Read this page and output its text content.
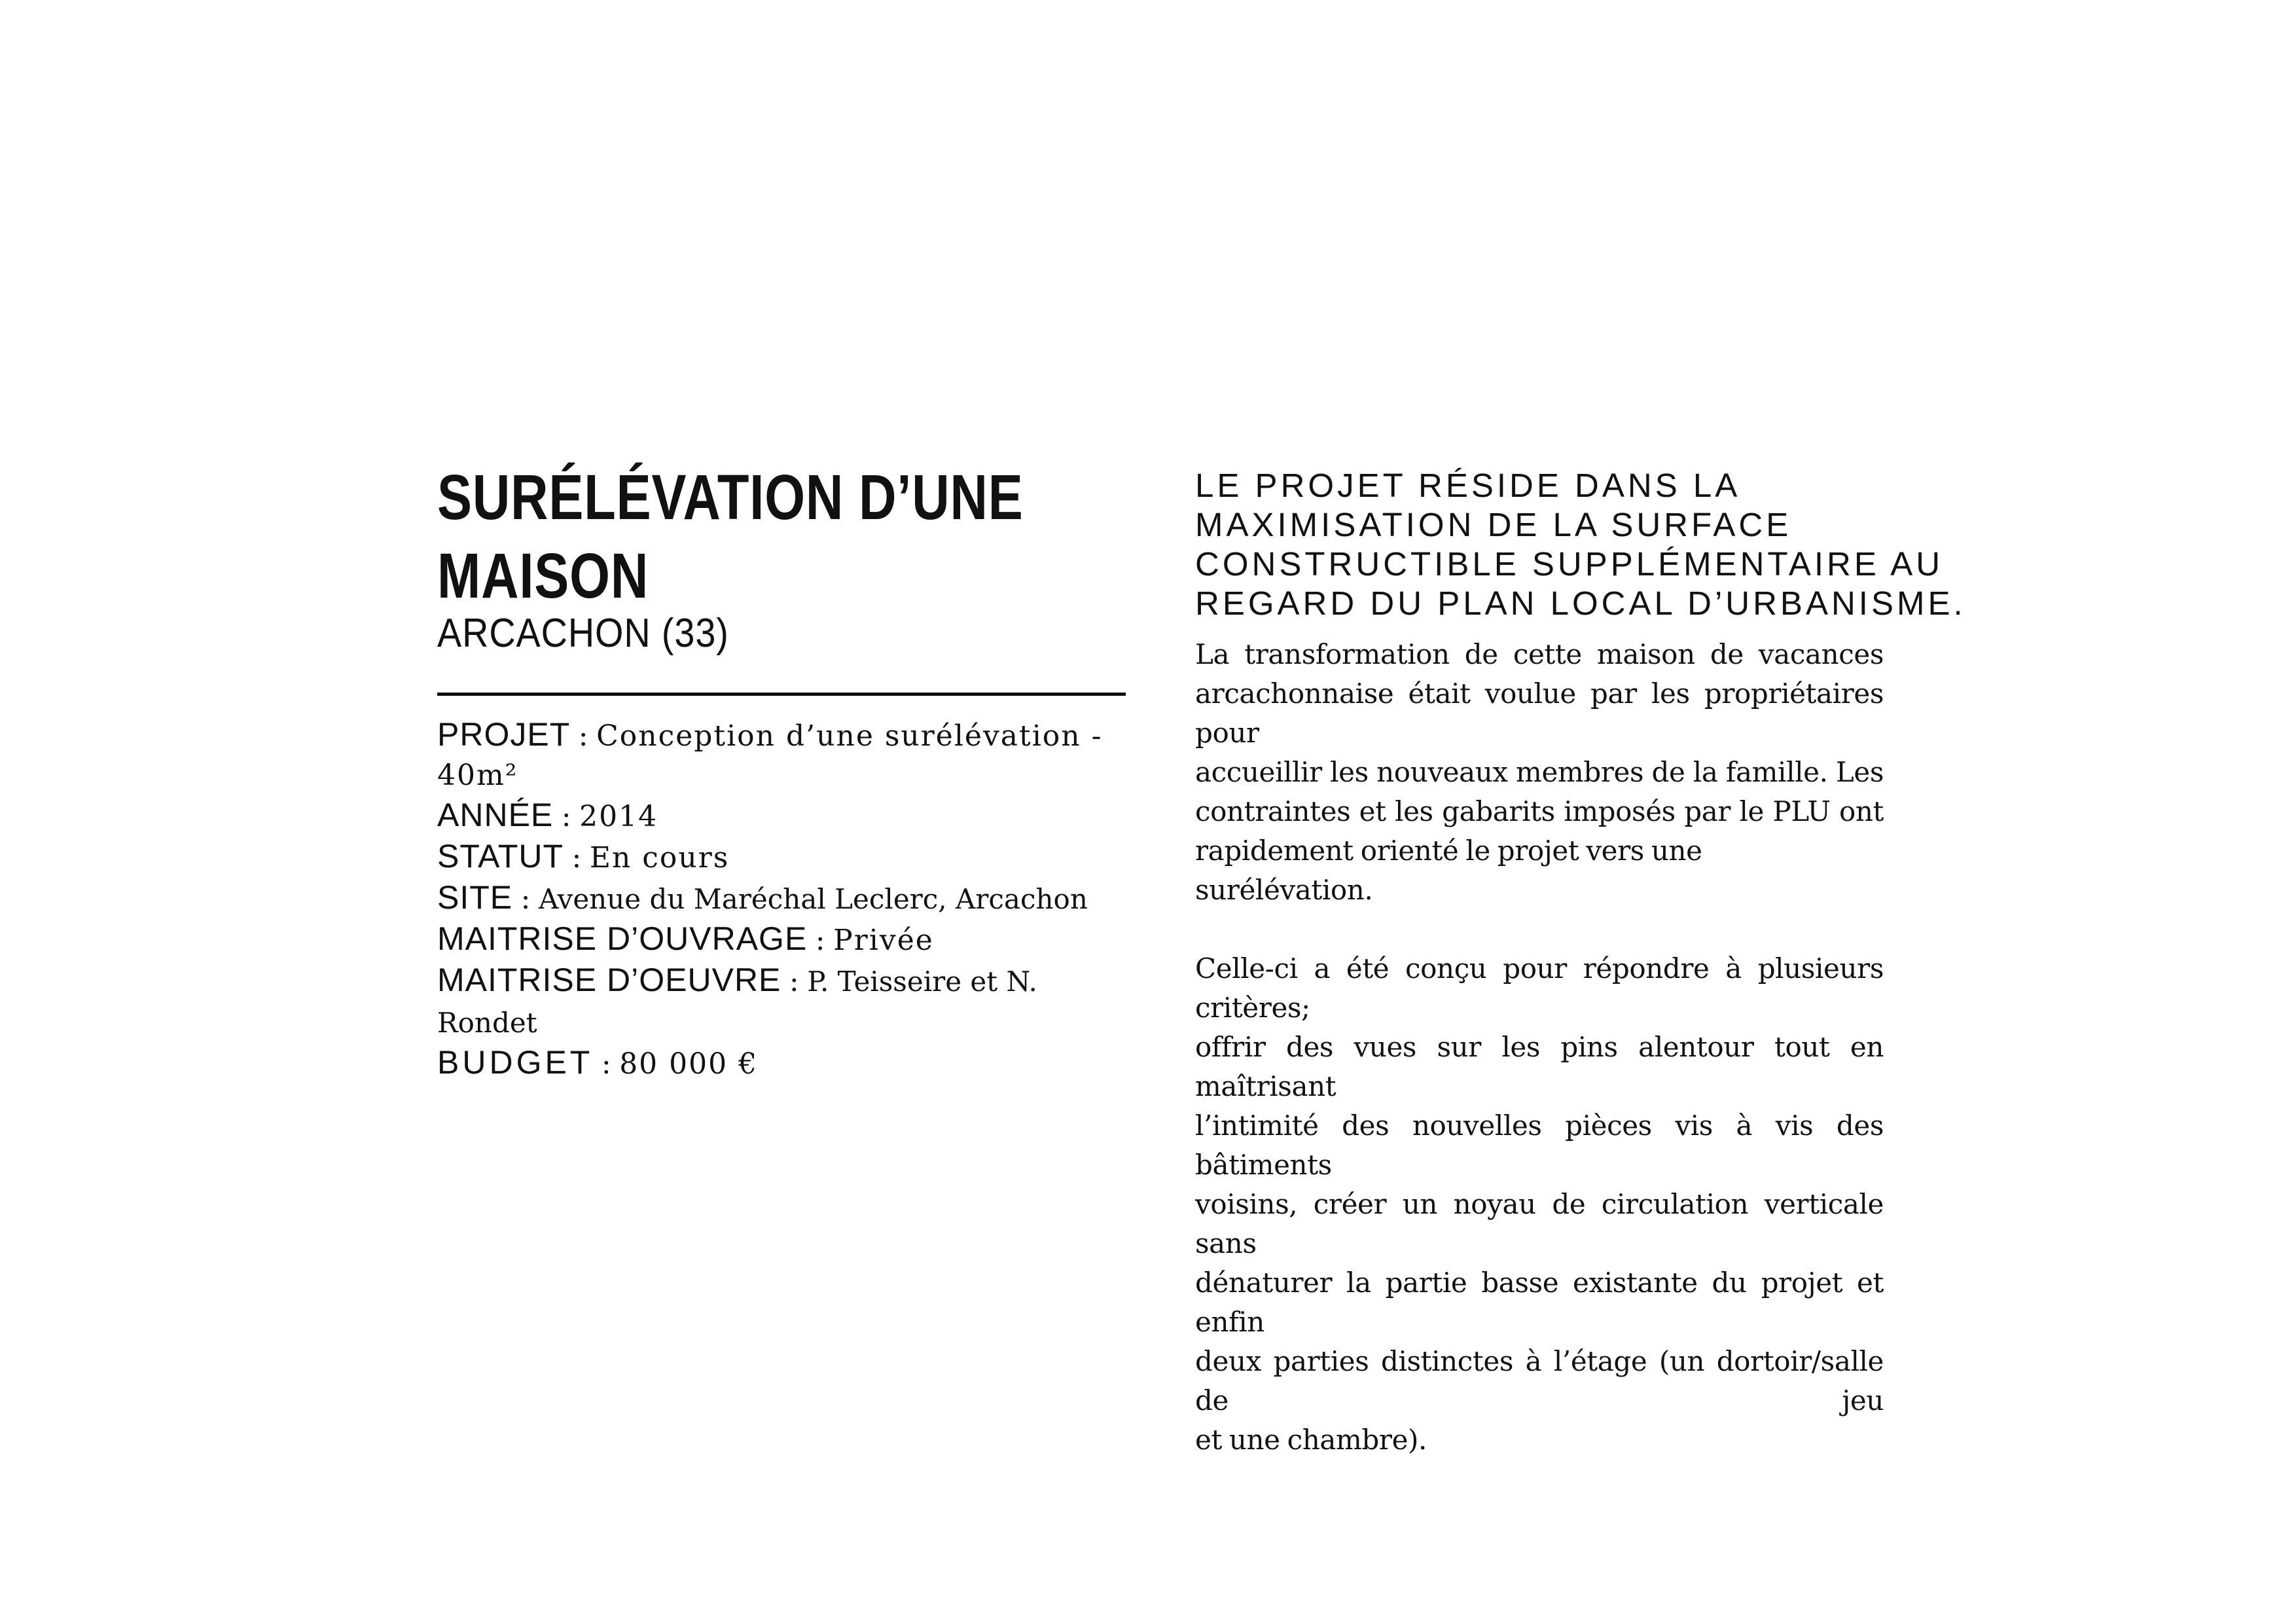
SURÉLÉVATION D’UNE
MAISON
ARCACHON (33)
PROJET : Conception d’une surélévation -
40m²
ANNÉE : 2014
STATUT : En cours
SITE : Avenue du Maréchal Leclerc, Arcachon
MAITRISE D’OUVRAGE : Privée
MAITRISE D’OEUVRE : P. Teisseire et N. Rondet
BUDGET : 80 000 €
LE PROJET RÉSIDE DANS LA
MAXIMISATION DE LA SURFACE
CONSTRUCTIBLE SUPPLÉMENTAIRE AU
REGARD DU PLAN LOCAL D’URBANISME.
La transformation de cette maison de vacances
arcachonnaise était voulue par les propriétaires pour
accueillir les nouveaux membres de la famille. Les
contraintes et les gabarits imposés par le PLU ont
rapidement orienté le projet vers une surélévation.
Celle-ci a été conçu pour répondre à plusieurs critères;
offrir des vues sur les pins alentour tout en maîtrisant
l’intimité des nouvelles pièces vis à vis des bâtiments
voisins, créer un noyau de circulation verticale sans
dénaturer la partie basse existante du projet et enfin
deux parties distinctes à l’étage (un dortoir/salle de jeu
et une chambre).
